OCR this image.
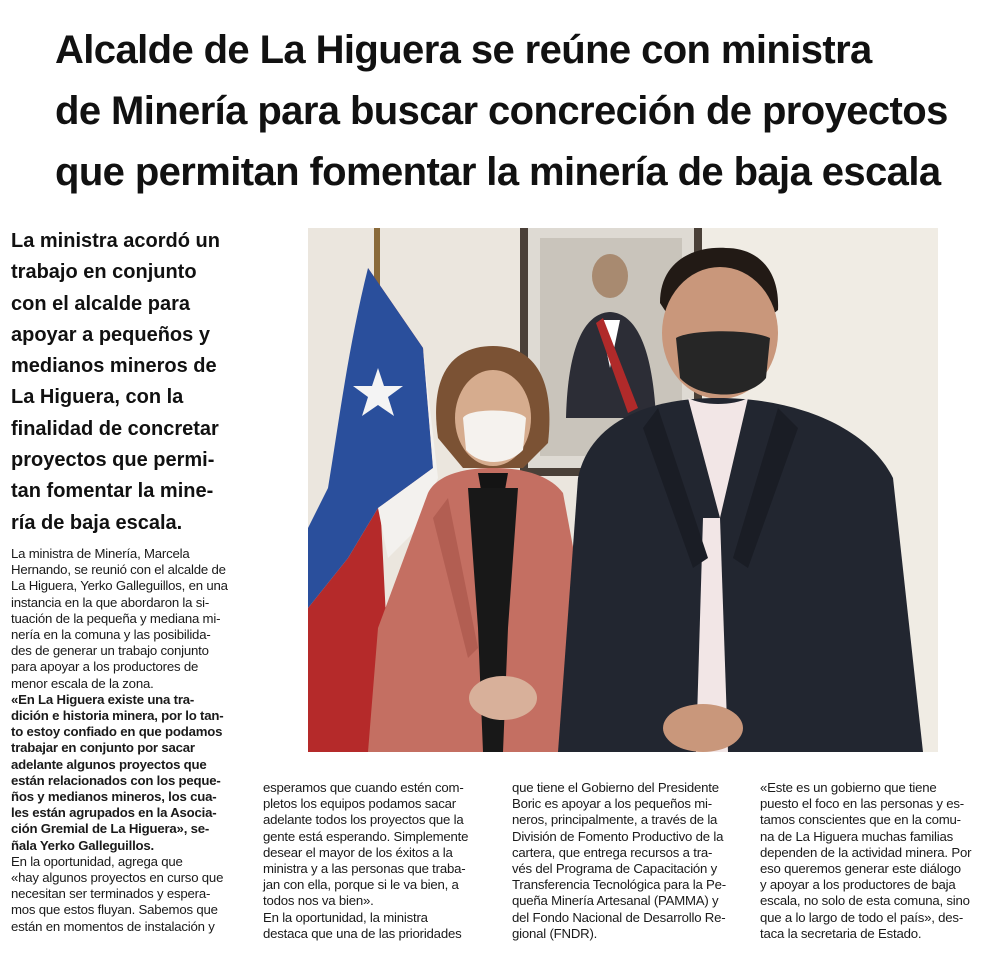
Alcalde de La Higuera se reúne con ministra
de Minería para buscar concreción de proyectos
que permitan fomentar la minería de baja escala
La ministra acordó un
trabajo en conjunto
con el alcalde para
apoyar a pequeños y
medianos mineros de
La Higuera, con la
finalidad de concretar
proyectos que permi-
tan fomentar la mine-
ría de baja escala.
La ministra de Minería, Marcela
Hernando, se reunió con el alcalde de
La Higuera, Yerko Galleguillos, en una
instancia en la que abordaron la si-
tuación de la pequeña y mediana mi-
nería en la comuna y las posibilida-
des de generar un trabajo conjunto
para apoyar a los productores de
menor escala de la zona.
«En La Higuera existe una tra-
dición e historia minera, por lo tan-
to estoy confiado en que podamos
trabajar en conjunto por sacar
adelante algunos proyectos que
están relacionados con los peque-
ños y medianos mineros, los cua-
les están agrupados en la Asocia-
ción Gremial de La Higuera», se-
ñala Yerko Galleguillos.
En la oportunidad, agrega que
«hay algunos proyectos en curso que
necesitan ser terminados y espera-
mos que estos fluyan. Sabemos que
están en momentos de instalación y
esperamos que cuando estén com-
pletos los equipos podamos sacar
adelante todos los proyectos que la
gente está esperando. Simplemente
desear el mayor de los éxitos a la
ministra y a las personas que traba-
jan con ella, porque si le va bien, a
todos nos va bien».
En la oportunidad, la ministra
destaca que una de las prioridades
que tiene el Gobierno del Presidente
Boric es apoyar a los pequeños mi-
neros, principalmente, a través de la
División de Fomento Productivo de la
cartera, que entrega recursos a tra-
vés del Programa de Capacitación y
Transferencia Tecnológica para la Pe-
queña Minería Artesanal (PAMMA) y
del Fondo Nacional de Desarrollo Re-
gional (FNDR).
«Este es un gobierno que tiene
puesto el foco en las personas y es-
tamos conscientes que en la comu-
na de La Higuera muchas familias
dependen de la actividad minera. Por
eso queremos generar este diálogo
y apoyar a los productores de baja
escala, no solo de esta comuna, sino
que a lo largo de todo el país», des-
taca la secretaria de Estado.
